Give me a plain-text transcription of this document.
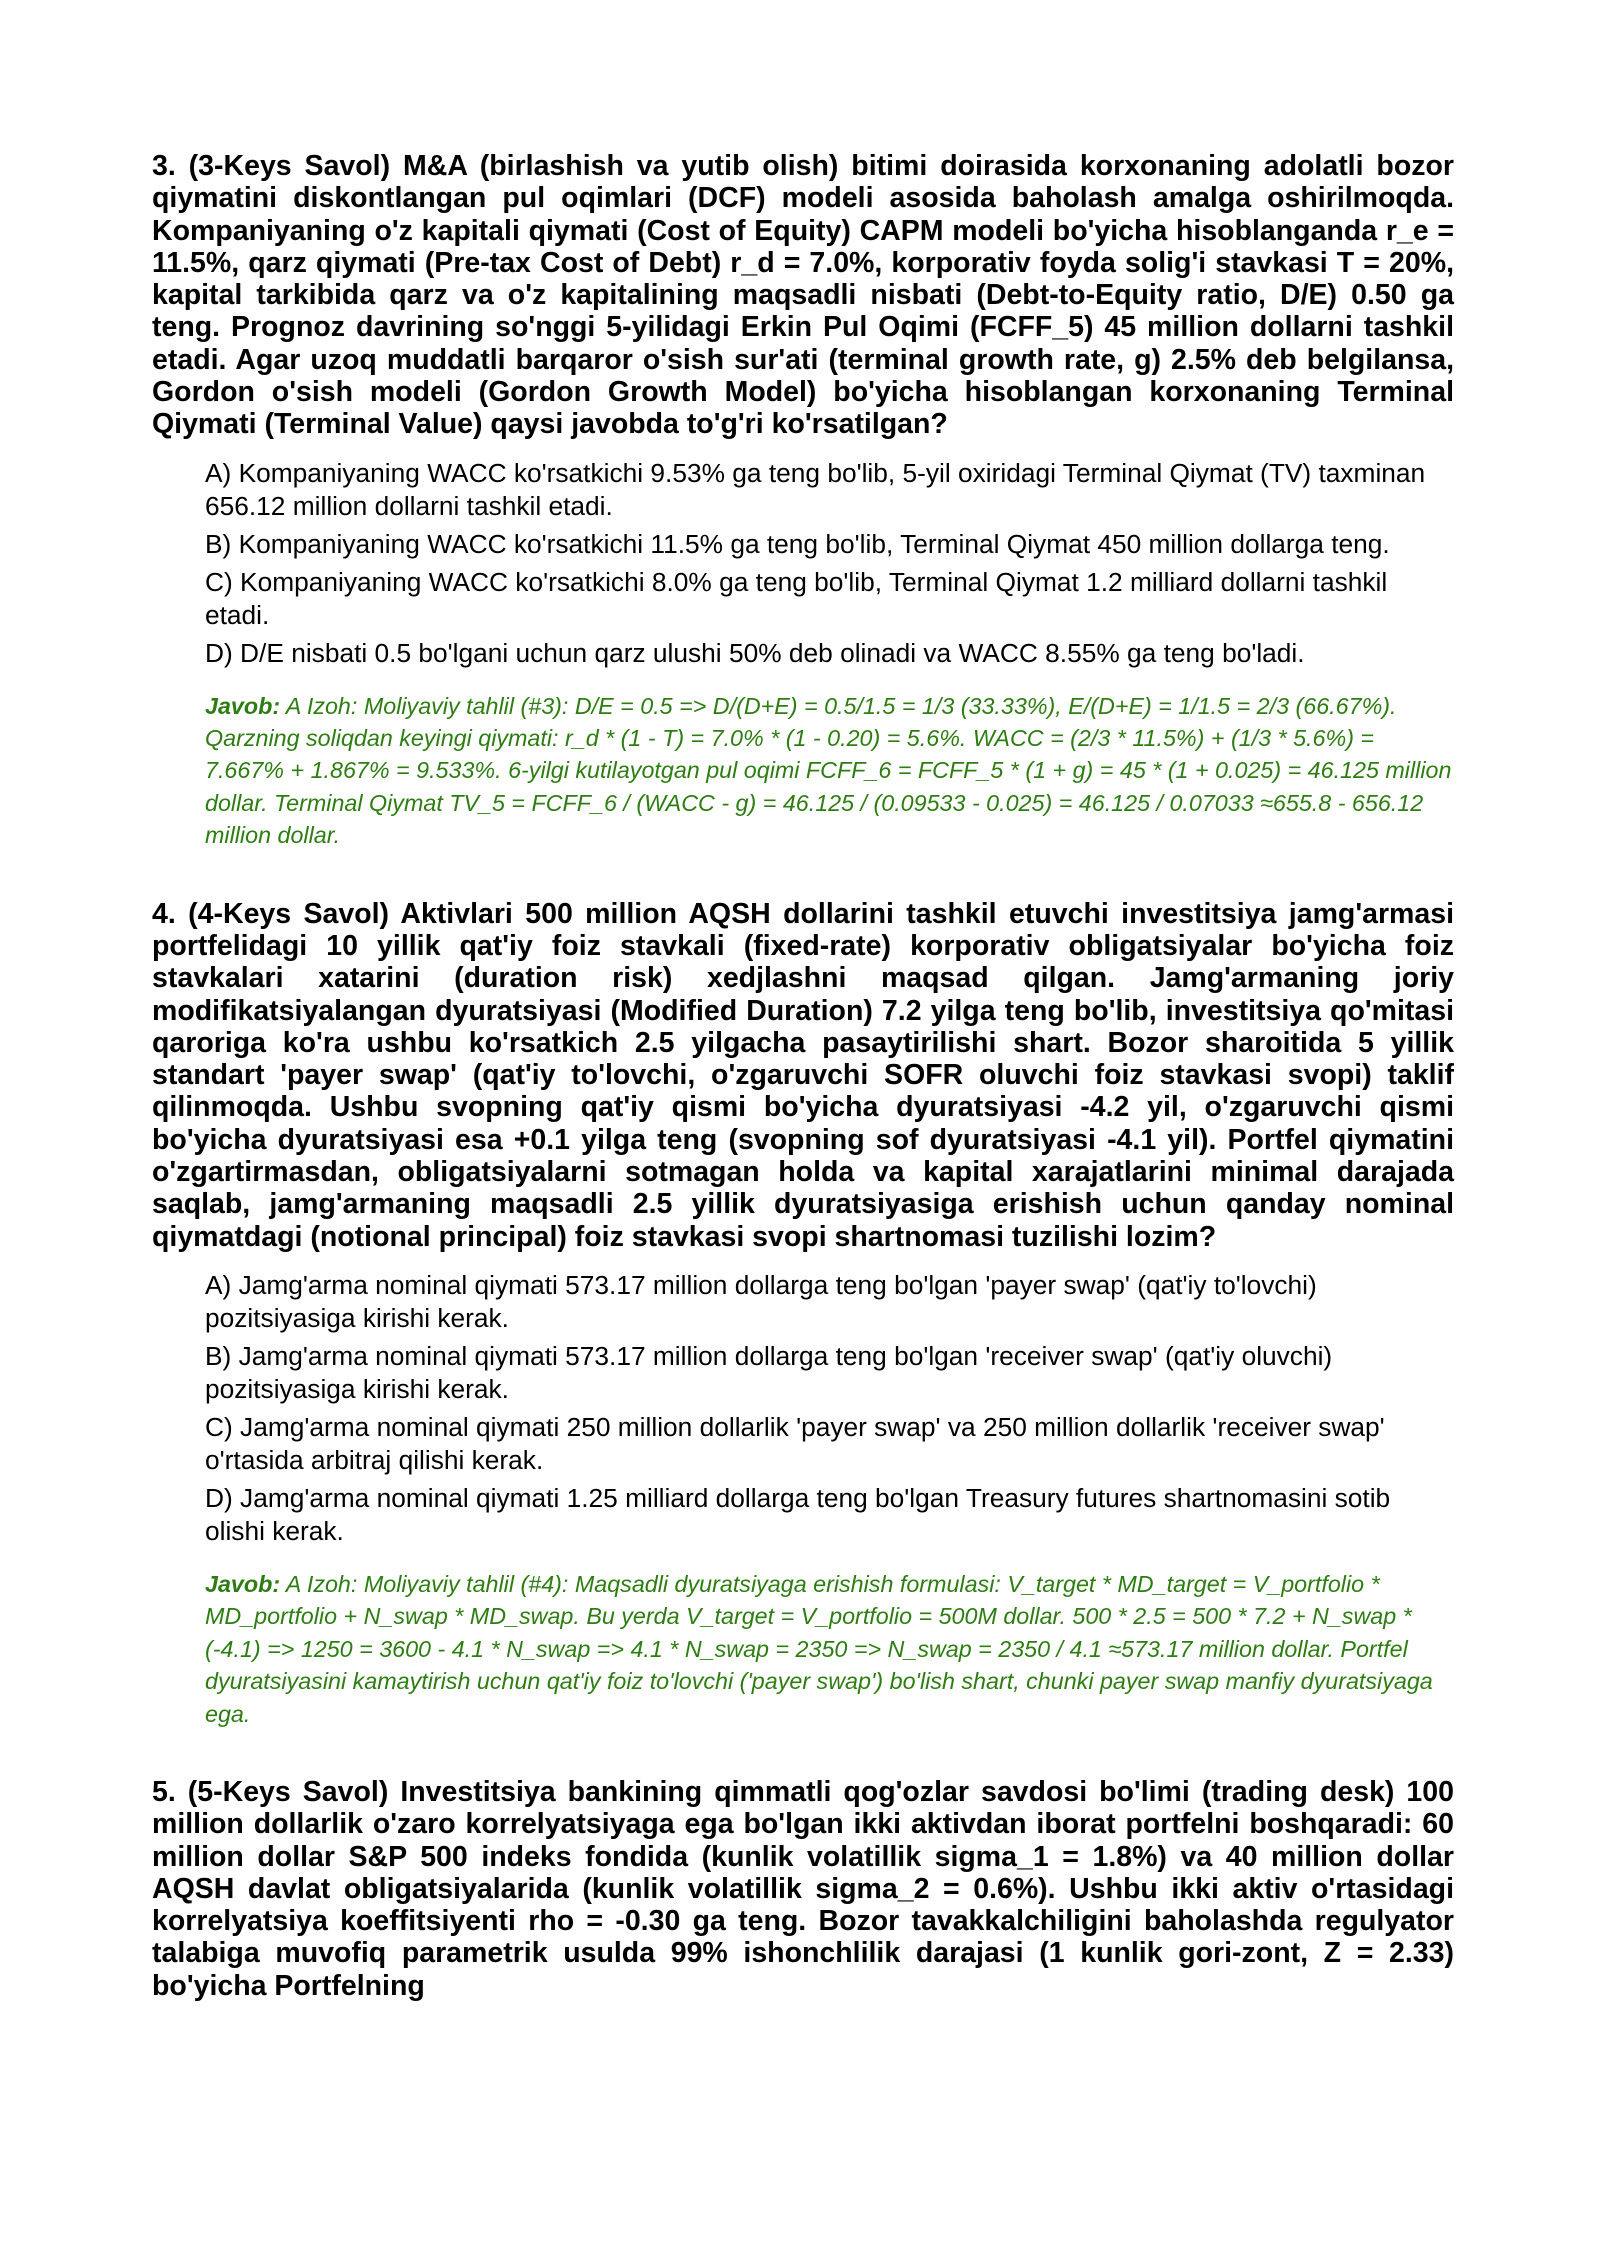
3. (3-Keys Savol) M&A (birlashish va yutib olish) bitimi doirasida korxonaning adolatli bozor qiymatini diskontlangan pul oqimlari (DCF) modeli asosida baholash amalga oshirilmoqda. Kompaniyaning o'z kapitali qiymati (Cost of Equity) CAPM modeli bo'yicha hisoblanganda r_e = 11.5%, qarz qiymati (Pre-tax Cost of Debt) r_d = 7.0%, korporativ foyda solig'i stavkasi T = 20%, kapital tarkibida qarz va o'z kapitalining maqsadli nisbati (Debt-to-Equity ratio, D/E) 0.50 ga teng. Prognoz davrining so'nggi 5-yilidagi Erkin Pul Oqimi (FCFF_5) 45 million dollarni tashkil etadi. Agar uzoq muddatli barqaror o'sish sur'ati (terminal growth rate, g) 2.5% deb belgilansa, Gordon o'sish modeli (Gordon Growth Model) bo'yicha hisoblangan korxonaning Terminal Qiymati (Terminal Value) qaysi javobda to'g'ri ko'rsatilgan?

A) Kompaniyaning WACC ko'rsatkichi 9.53% ga teng bo'lib, 5-yil oxiridagi Terminal Qiymat (TV) taxminan 656.12 million dollarni tashkil etadi.
B) Kompaniyaning WACC ko'rsatkichi 11.5% ga teng bo'lib, Terminal Qiymat 450 million dollarga teng.
C) Kompaniyaning WACC ko'rsatkichi 8.0% ga teng bo'lib, Terminal Qiymat 1.2 milliard dollarni tashkil etadi.
D) D/E nisbati 0.5 bo'lgani uchun qarz ulushi 50% deb olinadi va WACC 8.55% ga teng bo'ladi.
Javob: A Izoh: Moliyaviy tahlil (#3): D/E = 0.5 => D/(D+E) = 0.5/1.5 = 1/3 (33.33%), E/(D+E) = 1/1.5 = 2/3 (66.67%). Qarzning soliqdan keyingi qiymati: r_d * (1 - T) = 7.0% * (1 - 0.20) = 5.6%. WACC = (2/3 * 11.5%) + (1/3 * 5.6%) = 7.667% + 1.867% = 9.533%. 6-yilgi kutilayotgan pul oqimi FCFF_6 = FCFF_5 * (1 + g) = 45 * (1 + 0.025) = 46.125 million dollar. Terminal Qiymat TV_5 = FCFF_6 / (WACC - g) = 46.125 / (0.09533 - 0.025) = 46.125 / 0.07033 ≈655.8 - 656.12 million dollar.

4. (4-Keys Savol) Aktivlari 500 million AQSH dollarini tashkil etuvchi investitsiya jamg'armasi portfelidagi 10 yillik qat'iy foiz stavkali (fixed-rate) korporativ obligatsiyalar bo'yicha foiz stavkalari xatarini (duration risk) xedjlashni maqsad qilgan. Jamg'armaning joriy modifikatsiyalangan dyuratsiyasi (Modified Duration) 7.2 yilga teng bo'lib, investitsiya qo'mitasi qaroriga ko'ra ushbu ko'rsatkich 2.5 yilgacha pasaytirilishi shart. Bozor sharoitida 5 yillik standart 'payer swap' (qat'iy to'lovchi, o'zgaruvchi SOFR oluvchi foiz stavkasi svopi) taklif qilinmoqda. Ushbu svopning qat'iy qismi bo'yicha dyuratsiyasi -4.2 yil, o'zgaruvchi qismi bo'yicha dyuratsiyasi esa +0.1 yilga teng (svopning sof dyuratsiyasi -4.1 yil). Portfel qiymatini o'zgartirmasdan, obligatsiyalarni sotmagan holda va kapital xarajatlarini minimal darajada saqlab, jamg'armaning maqsadli 2.5 yillik dyuratsiyasiga erishish uchun qanday nominal qiymatdagi (notional principal) foiz stavkasi svopi shartnomasi tuzilishi lozim?

A) Jamg'arma nominal qiymati 573.17 million dollarga teng bo'lgan 'payer swap' (qat'iy to'lovchi) pozitsiyasiga kirishi kerak.
B) Jamg'arma nominal qiymati 573.17 million dollarga teng bo'lgan 'receiver swap' (qat'iy oluvchi) pozitsiyasiga kirishi kerak.
C) Jamg'arma nominal qiymati 250 million dollarlik 'payer swap' va 250 million dollarlik 'receiver swap' o'rtasida arbitraj qilishi kerak.
D) Jamg'arma nominal qiymati 1.25 milliard dollarga teng bo'lgan Treasury futures shartnomasini sotib olishi kerak.
Javob: A Izoh: Moliyaviy tahlil (#4): Maqsadli dyuratsiyaga erishish formulasi: V_target * MD_target = V_portfolio * MD_portfolio + N_swap * MD_swap. Bu yerda V_target = V_portfolio = 500M dollar. 500 * 2.5 = 500 * 7.2 + N_swap * (-4.1) => 1250 = 3600 - 4.1 * N_swap => 4.1 * N_swap = 2350 => N_swap = 2350 / 4.1 ≈573.17 million dollar. Portfel dyuratsiyasini kamaytirish uchun qat'iy foiz to'lovchi ('payer swap') bo'lish shart, chunki payer swap manfiy dyuratsiyaga ega.

5. (5-Keys Savol) Investitsiya bankining qimmatli qog'ozlar savdosi bo'limi (trading desk) 100 million dollarlik o'zaro korrelyatsiyaga ega bo'lgan ikki aktivdan iborat portfelni boshqaradi: 60 million dollar S&P 500 indeks fondida (kunlik volatillik sigma_1 = 1.8%) va 40 million dollar AQSH davlat obligatsiyalarida (kunlik volatillik sigma_2 = 0.6%). Ushbu ikki aktiv o'rtasidagi korrelyatsiya koeffitsiyenti rho = -0.30 ga teng. Bozor tavakkalchiligini baholashda regulyator talabiga muvofiq parametrik usulda 99% ishonchlilik darajasi (1 kunlik gori-zont, Z = 2.33) bo'yicha Portfelning
